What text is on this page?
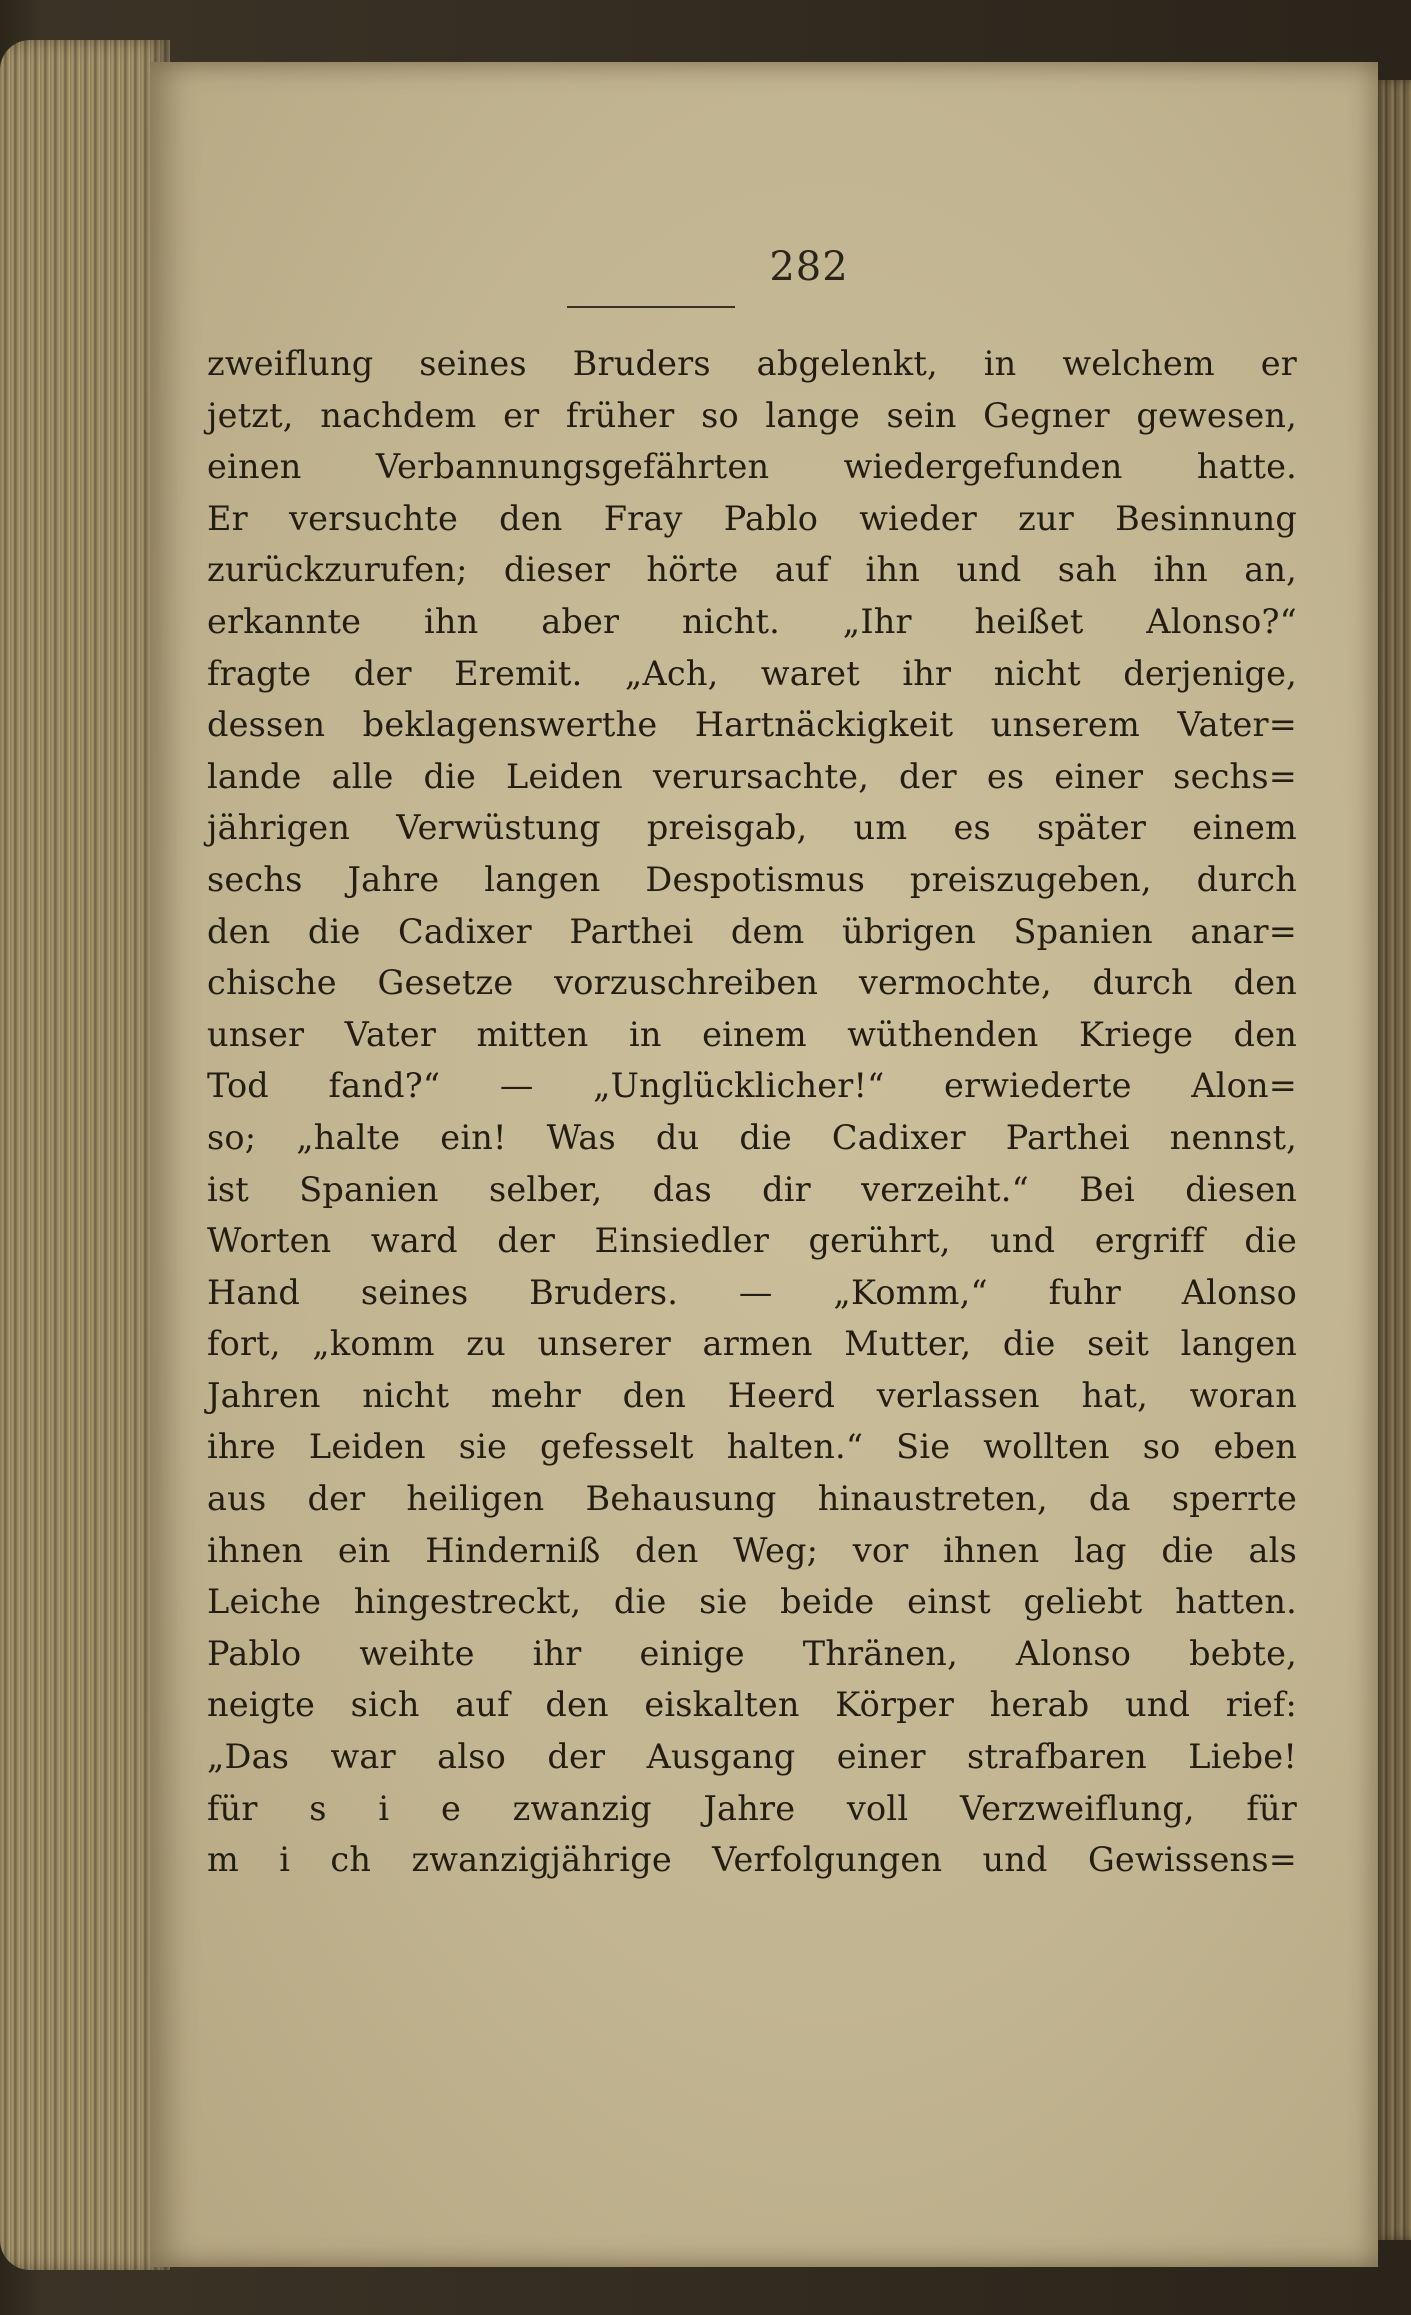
282
zweiflung seines Bruders abgelenkt, in welchem er
jetzt, nachdem er früher so lange sein Gegner gewesen,
einen Verbannungsgefährten wiedergefunden hatte.
Er versuchte den Fray Pablo wieder zur Besinnung
zurückzurufen; dieser hörte auf ihn und sah ihn an,
erkannte ihn aber nicht. „Ihr heißet Alonso?“
fragte der Eremit. „Ach, waret ihr nicht derjenige,
dessen beklagenswerthe Hartnäckigkeit unserem Vater=
lande alle die Leiden verursachte, der es einer sechs=
jährigen Verwüstung preisgab, um es später einem
sechs Jahre langen Despotismus preiszugeben, durch
den die Cadixer Parthei dem übrigen Spanien anar=
chische Gesetze vorzuschreiben vermochte, durch den
unser Vater mitten in einem wüthenden Kriege den
Tod fand?“ — „Unglücklicher!“ erwiederte Alon=
so; „halte ein! Was du die Cadixer Parthei nennst,
ist Spanien selber, das dir verzeiht.“ Bei diesen
Worten ward der Einsiedler gerührt, und ergriff die
Hand seines Bruders. — „Komm,“ fuhr Alonso
fort, „komm zu unserer armen Mutter, die seit langen
Jahren nicht mehr den Heerd verlassen hat, woran
ihre Leiden sie gefesselt halten.“ Sie wollten so eben
aus der heiligen Behausung hinaustreten, da sperrte
ihnen ein Hinderniß den Weg; vor ihnen lag die als
Leiche hingestreckt, die sie beide einst geliebt hatten.
Pablo weihte ihr einige Thränen, Alonso bebte,
neigte sich auf den eiskalten Körper herab und rief:
„Das war also der Ausgang einer strafbaren Liebe!
für s i e zwanzig Jahre voll Verzweiflung, für
m i ch zwanzigjährige Verfolgungen und Gewissens=
